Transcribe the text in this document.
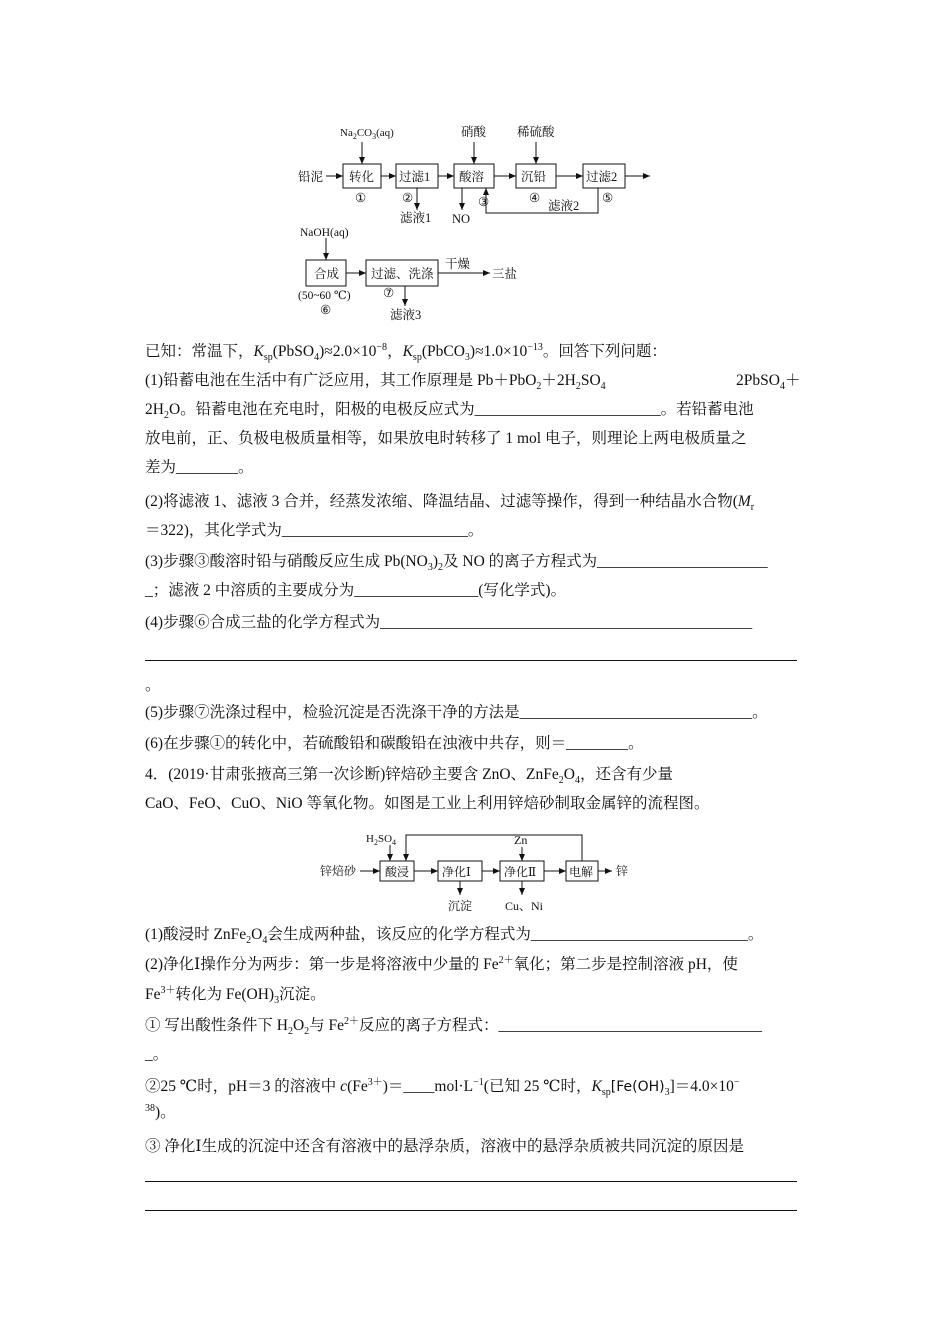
$Na_2CO_3(aq)$	硝酸 稀硫酸
铅泥 转化 过滤1 酸溶	沉铅	过滤2
①	②	③	④	⑤
滤液1 NO
滤液2
NaOH(aq)
合成	过滤、洗涤
干燥
三盐
(50~60 ℃)
⑥
⑦
滤液3
已知：常温下，$K_{sp}(PbSO_4)\approx 2.0\times 10^{-8}$，$K_{sp}(PbCO_3)\approx 1.0\times 10^{-13}$。回答下列问题：
(1)铅蓄电池在生活中有广泛应用，其工作原理是 $Pb+PbO_2+2H_2SO_4$	2PbSO$_4$＋
$2H_2O$。铅蓄电池在充电时，阳极的电极反应式为________________________。若铅蓄电池
放电前，正、负极电极质量相等，如果放电时转移了 1 mol 电子，则理论上两电极质量之
差为________。
(2)将滤液 1、滤液 3 合并，经蒸发浓缩、降温结晶、过滤等操作，得到一种结晶水合物($M_r$
＝322)，其化学式为________________________。
(3)步骤③酸溶时铅与硝酸反应生成 $Pb(NO_3)_2$及 NO 的离子方程式为______________________
_；滤液 2 中溶质的主要成分为________________(写化学式)。
(4)步骤⑥合成三盐的化学方程式为________________________________________________
。
(5)步骤⑦洗涤过程中，检验沉淀是否洗涤干净的方法是______________________________。
(6)在步骤①的转化中，若硫酸铅和碳酸铅在浊液中共存，则＝________。
4．(2019·甘肃张掖高三第一次诊断)锌焙砂主要含 ZnO、$ZnFe_2O_4$，还含有少量
CaO、FeO、CuO、NiO 等氧化物。如图是工业上利用锌焙砂制取金属锌的流程图。
$H_2SO_4$	Zn
锌焙砂 酸浸	净化Ⅰ	净化Ⅱ	电解 锌
沉淀	Cu、Ni
(1)酸浸时 $ZnFe_2O_4$会生成两种盐，该反应的化学方程式为____________________________。
(2)净化Ⅰ操作分为两步：第一步是将溶液中少量的 $Fe^{2+}$氧化；第二步是控制溶液 pH，使
$Fe^{3+}$转化为 $Fe(OH)_3$沉淀。
① 写出酸性条件下 $H_2O_2$与 $Fe^{2+}$反应的离子方程式：__________________________________
_。
②25 ℃时，pH＝3 的溶液中 $c(Fe^{3+})=\_\_\_\_mol\cdot L^{-1}$(已知 25 ℃时，$K_{sp}[Fe(OH)_3]=4.0\times 10^-$
$^{38}$)。
③ 净化Ⅰ生成的沉淀中还含有溶液中的悬浮杂质，溶液中的悬浮杂质被共同沉淀的原因是
